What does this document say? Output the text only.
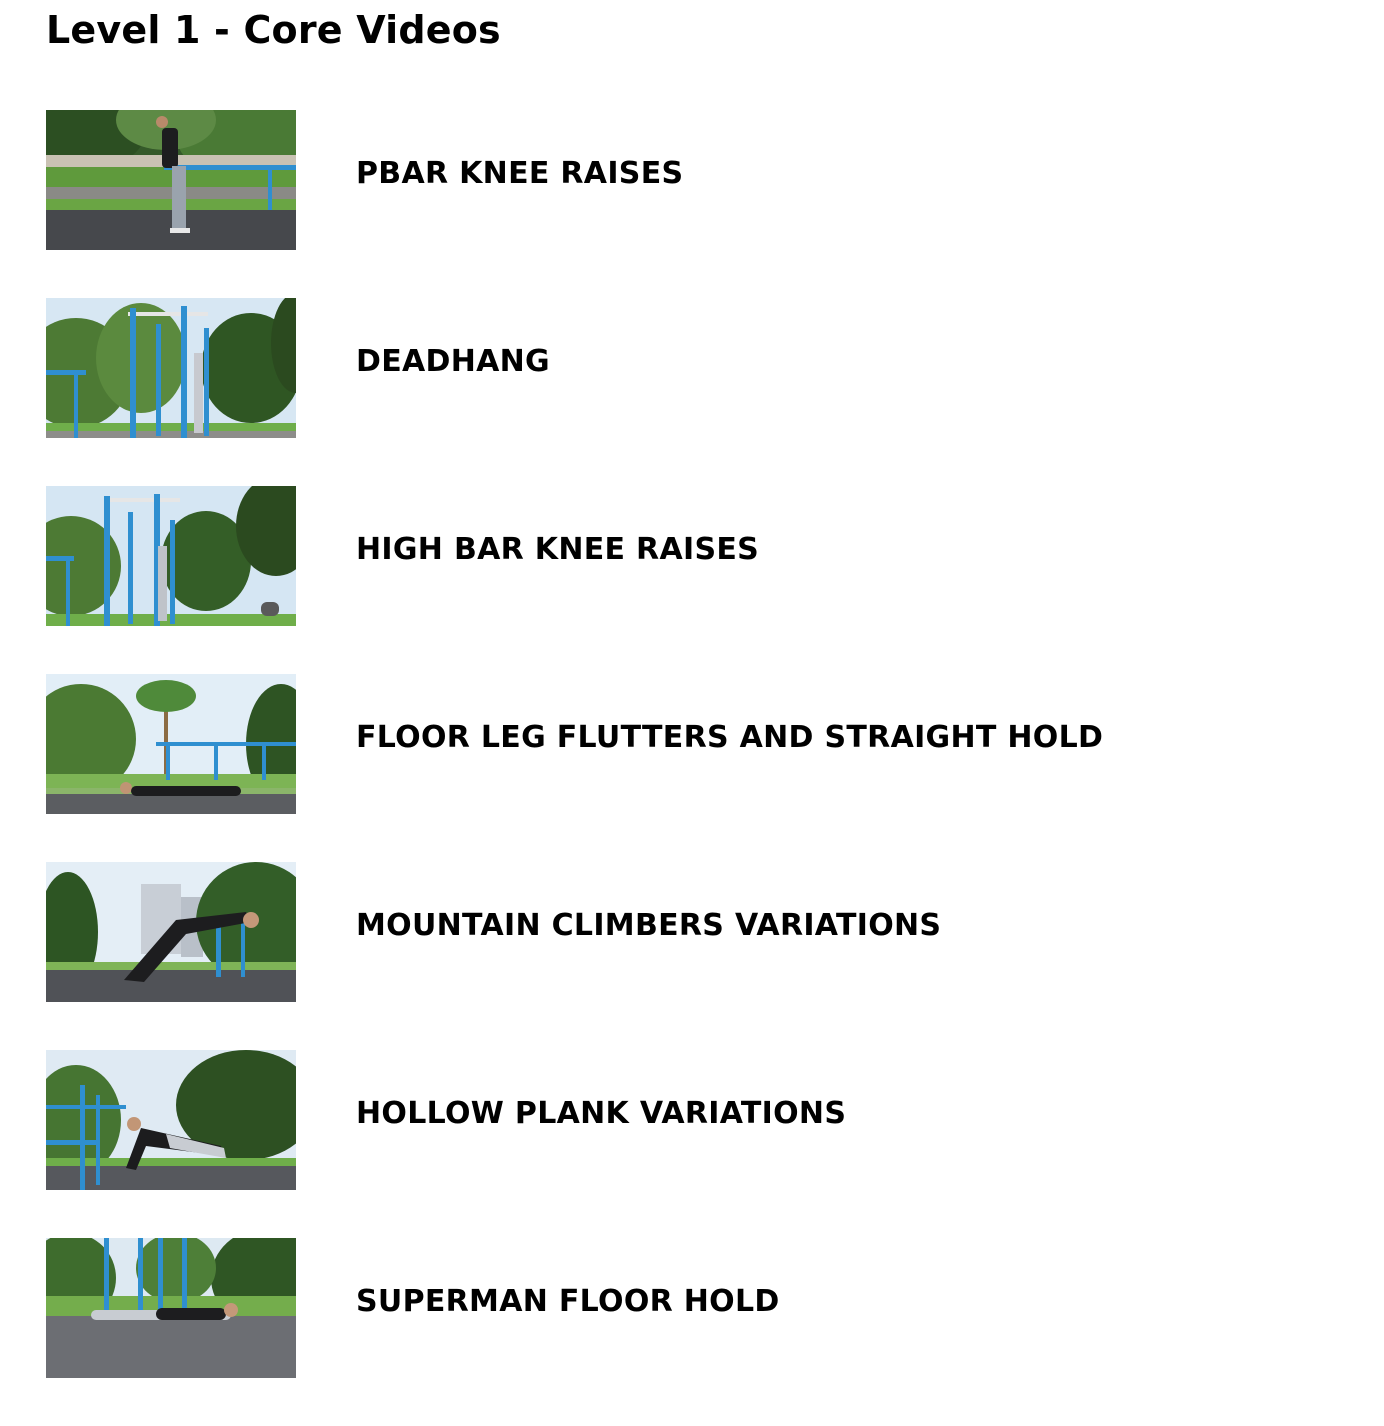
Level 1 - Core Videos
PBAR KNEE RAISES
DEADHANG
HIGH BAR KNEE RAISES
FLOOR LEG FLUTTERS AND STRAIGHT HOLD
MOUNTAIN CLIMBERS VARIATIONS
HOLLOW PLANK VARIATIONS
SUPERMAN FLOOR HOLD
